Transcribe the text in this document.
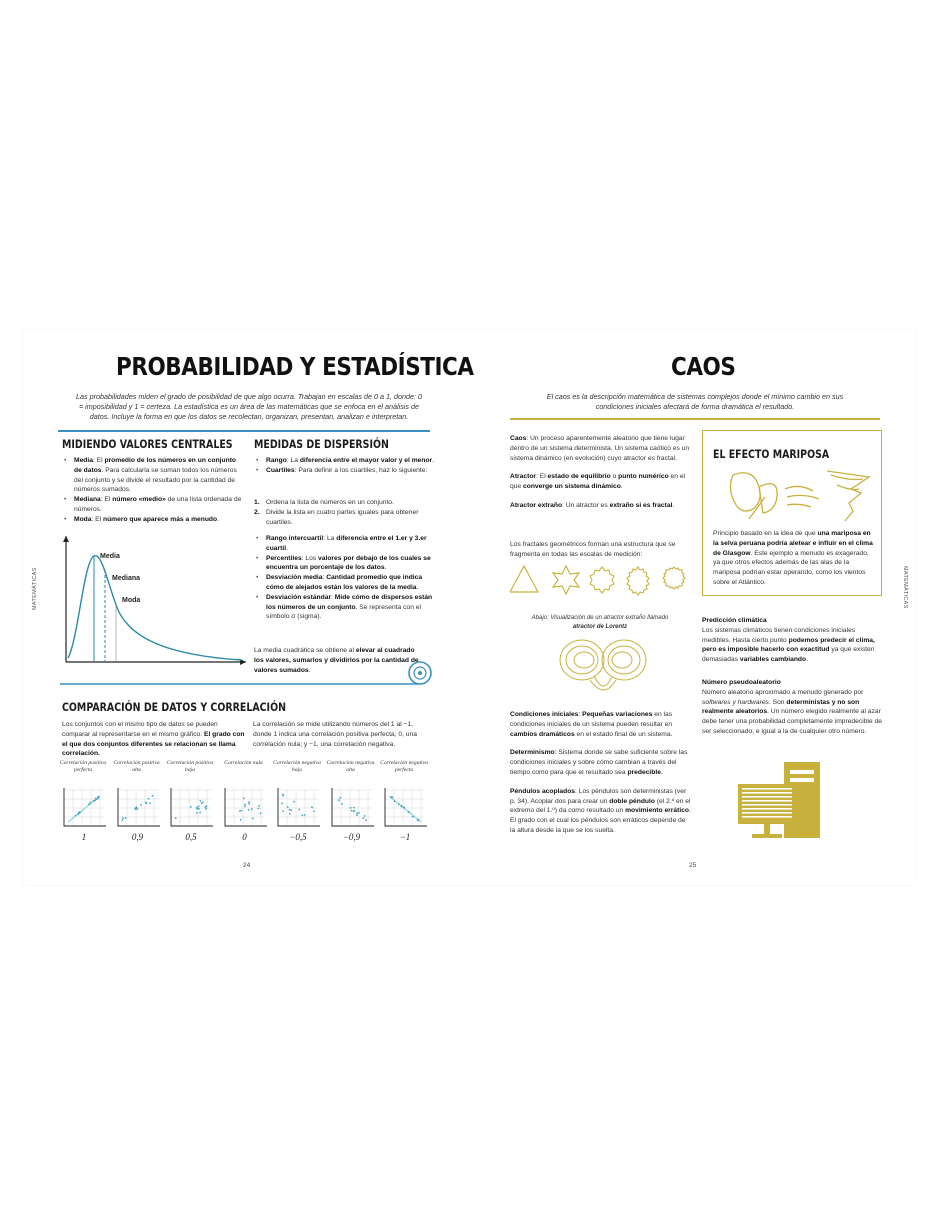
PROBABILIDAD Y ESTADÍSTICA
Las probabilidades miden el grado de posibilidad de que algo ocurra. Trabajan en escalas de 0 a 1, donde: 0 = imposibilidad y 1 = certeza. La estadística es un área de las matemáticas que se enfoca en el análisis de datos. Incluye la forma en que los datos se recolectan, organizan, presentan, analizan e interpretan.
MATEMÁTICAS
MIDIENDO VALORES CENTRALES
• Media: El promedio de los números en un conjunto de datos. Para calcularla se suman todos los números del conjunto y se divide el resultado por la cantidad de números sumados.
• Mediana: El número «medio» de una lista ordenada de números.
• Moda: El número que aparece más a menudo.
Media
Mediana
Moda
MEDIDAS DE DISPERSIÓN
• Rango: La diferencia entre el mayor valor y el menor.
• Cuartiles: Para definir a los cuartiles, haz lo siguiente:
1. Ordena la lista de números en un conjunto.
2. Divide la lista en cuatro partes iguales para obtener cuartiles.
• Rango intercuartil: La diferencia entre el 1.er y 3.er cuartil.
• Percentiles: Los valores por debajo de los cuales se encuentra un porcentaje de los datos.
• Desviación media: Cantidad promedio que indica cómo de alejados están los valores de la media.
• Desviación estándar: Mide cómo de dispersos están los números de un conjunto. Se representa con el símbolo σ (sigma).
La media cuadrática se obtiene al elevar al cuadrado los valores, sumarlos y dividirlos por la cantidad de valores sumados.
COMPARACIÓN DE DATOS Y CORRELACIÓN
Los conjuntos con el mismo tipo de datos se pueden comparar al representarse en el mismo gráfico. El grado con el que dos conjuntos diferentes se relacionan se llama correlación.
La correlación se mide utilizando números del 1 al −1, donde 1 indica una correlación positiva perfecta; 0, una correlación nula; y −1, una correlación negativa.
Correlación positiva perfecta
1
Correlación positiva alta
0,9
Correlación positiva baja
0,5
Correlación nula
0
Correlación negativa baja
−0,5
Correlación negativa alta
−0,9
Correlación negativa perfecta
−1
24
CAOS
El caos es la descripción matemática de sistemas complejos donde el mínimo cambio en sus condiciones iniciales afectará de forma dramática el resultado.
MATEMÁTICAS
Caos: Un proceso aparentemente aleatorio que tiene lugar dentro de un sistema determinista. Un sistema caótico es un sistema dinámico (en evolución) cuyo atractor es fractal.
Atractor: El estado de equilibrio o punto numérico en el que converge un sistema dinámico.
Atractor extraño: Un atractor es extraño si es fractal.
Los fractales geométricos forman una estructura que se fragmenta en todas las escalas de medición:
Abajo: Visualización de un atractor extraño llamado
atractor de Lorentz
Condiciones iniciales: Pequeñas variaciones en las condiciones iniciales de un sistema pueden resultar en cambios dramáticos en el estado final de un sistema.
Determinismo: Sistema donde se sabe suficiente sobre las condiciones iniciales y sobre cómo cambian a través del tiempo como para que el resultado sea predecible.
Péndulos acoplados: Los péndulos son deterministas (ver p. 34). Acoplar dos para crear un doble péndulo (el 2.º en el extremo del 1.º) da como resultado un movimiento errático. El grado con el cual los péndulos son erráticos depende de la altura desde la que se los suelta.
EL EFECTO MARIPOSA
Principio basado en la idea de que una mariposa en la selva peruana podría aletear e influir en el clima de Glasgow. Este ejemplo a menudo es exagerado, ya que otros efectos además de las alas de la mariposa podrían estar operando, como los vientos sobre el Atlántico.
Predicción climática
Los sistemas climáticos tienen condiciones iniciales medibles. Hasta cierto punto podemos predecir el clima, pero es imposible hacerlo con exactitud ya que existen demasiadas variables cambiando.
Número pseudoaleatorio
Número aleatorio aproximado a menudo generado por softwares y hardwares. Son deterministas y no son realmente aleatorios. Un número elegido realmente al azar debe tener una probabilidad completamente impredecible de ser seleccionado, e igual a la de cualquier otro número.
25
